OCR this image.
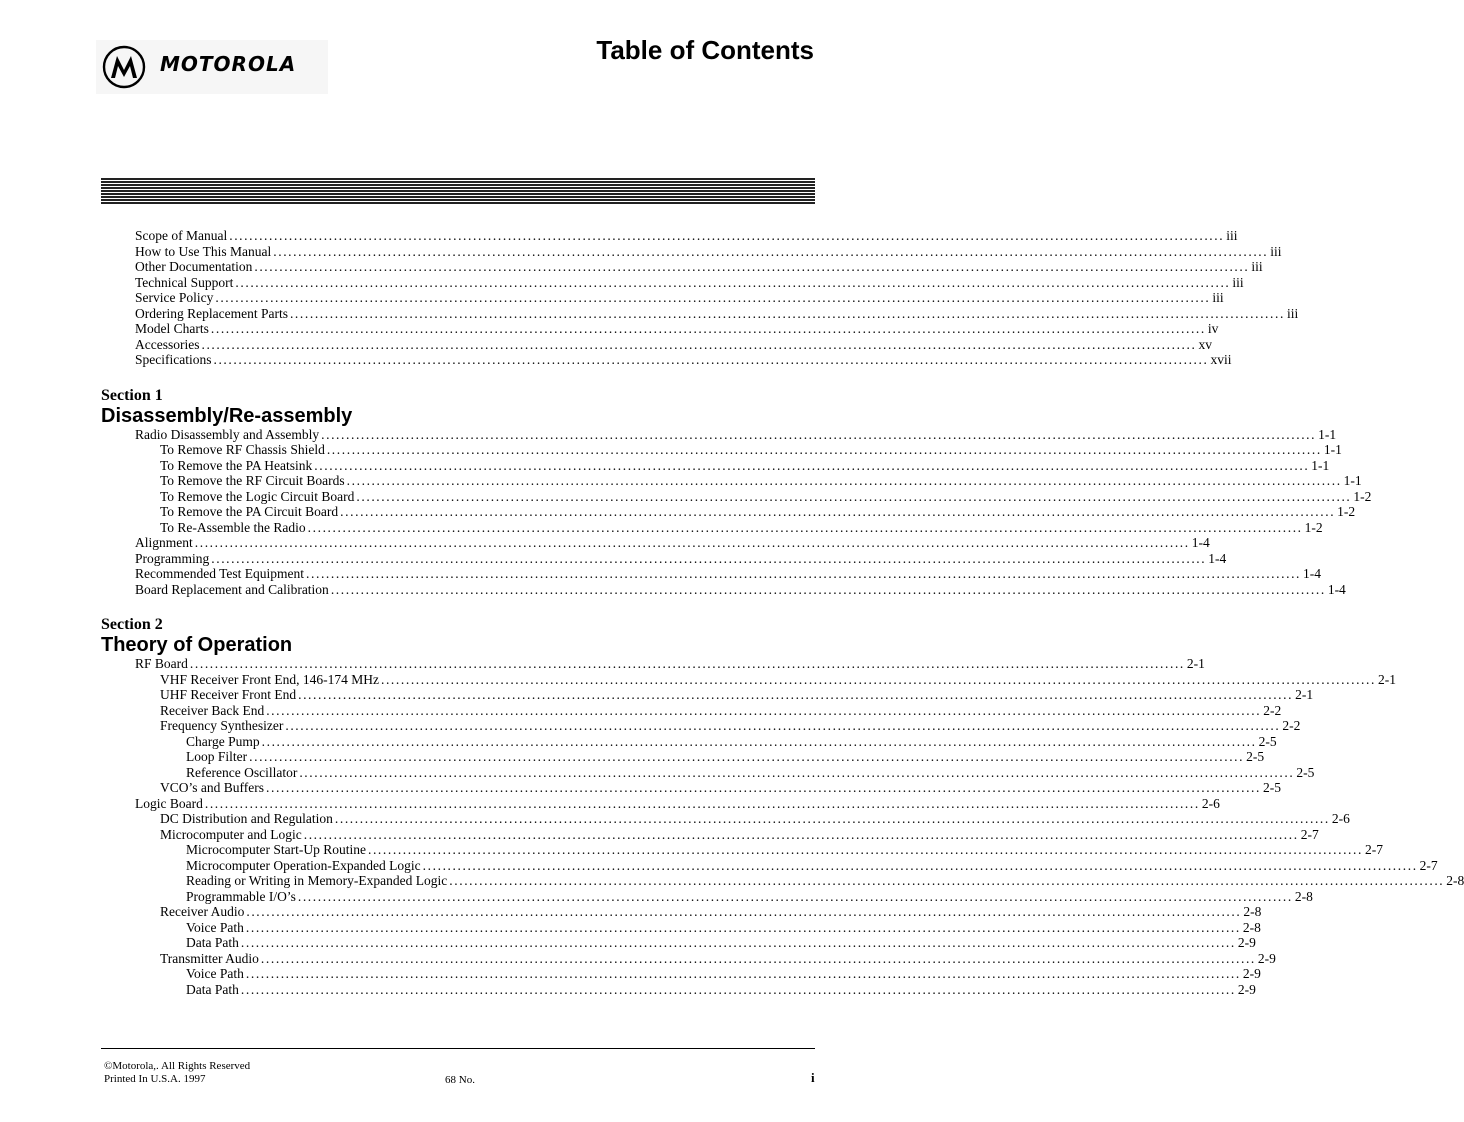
MOTOROLA	Table of Contents
Scope of Manual ........................................................................................................................................................................................................ iii
How to Use This Manual ........................................................................................................................................................................................................ iii
Other Documentation ........................................................................................................................................................................................................ iii
Technical Support ........................................................................................................................................................................................................ iii
Service Policy ........................................................................................................................................................................................................ iii
Ordering Replacement Parts ........................................................................................................................................................................................................ iii
Model Charts ........................................................................................................................................................................................................ iv
Accessories ........................................................................................................................................................................................................ xv
Specifications ........................................................................................................................................................................................................ xvii
Section 1
Disassembly/Re-assembly
Radio Disassembly and Assembly ........................................................................................................................................................................................................ 1-1
To Remove RF Chassis Shield ........................................................................................................................................................................................................ 1-1
To Remove the PA Heatsink ........................................................................................................................................................................................................ 1-1
To Remove the RF Circuit Boards ........................................................................................................................................................................................................ 1-1
To Remove the Logic Circuit Board ........................................................................................................................................................................................................ 1-2
To Remove the PA Circuit Board ........................................................................................................................................................................................................ 1-2
To Re-Assemble the Radio ........................................................................................................................................................................................................ 1-2
Alignment ........................................................................................................................................................................................................ 1-4
Programming ........................................................................................................................................................................................................ 1-4
Recommended Test Equipment ........................................................................................................................................................................................................ 1-4
Board Replacement and Calibration ........................................................................................................................................................................................................ 1-4
Section 2
Theory of Operation
RF Board ........................................................................................................................................................................................................ 2-1
VHF Receiver Front End, 146-174 MHz ........................................................................................................................................................................................................ 2-1
UHF Receiver Front End ........................................................................................................................................................................................................ 2-1
Receiver Back End ........................................................................................................................................................................................................ 2-2
Frequency Synthesizer ........................................................................................................................................................................................................ 2-2
Charge Pump ........................................................................................................................................................................................................ 2-5
Loop Filter ........................................................................................................................................................................................................ 2-5
Reference Oscillator ........................................................................................................................................................................................................ 2-5
VCO’s and Buffers ........................................................................................................................................................................................................ 2-5
Logic Board ........................................................................................................................................................................................................ 2-6
DC Distribution and Regulation ........................................................................................................................................................................................................ 2-6
Microcomputer and Logic ........................................................................................................................................................................................................ 2-7
Microcomputer Start-Up Routine ........................................................................................................................................................................................................ 2-7
Microcomputer Operation-Expanded Logic ........................................................................................................................................................................................................ 2-7
Reading or Writing in Memory-Expanded Logic ........................................................................................................................................................................................................ 2-8
Programmable I/O’s ........................................................................................................................................................................................................ 2-8
Receiver Audio ........................................................................................................................................................................................................ 2-8
Voice Path ........................................................................................................................................................................................................ 2-8
Data Path ........................................................................................................................................................................................................ 2-9
Transmitter Audio ........................................................................................................................................................................................................ 2-9
Voice Path ........................................................................................................................................................................................................ 2-9
Data Path ........................................................................................................................................................................................................ 2-9
©Motorola,. All Rights Reserved
Printed In U.S.A. 1997	68 No.	i
